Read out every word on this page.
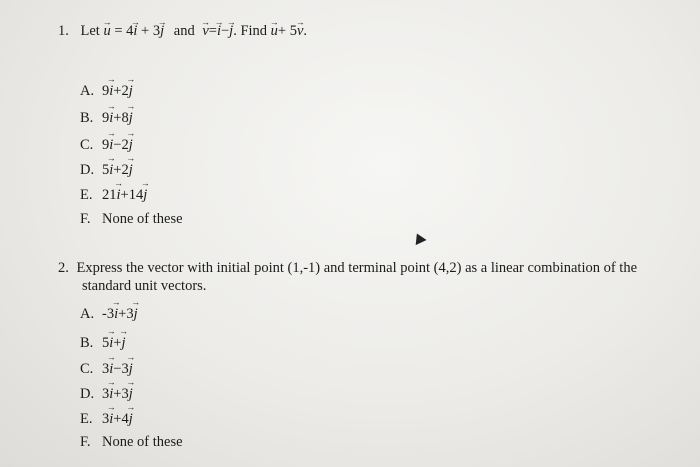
1. Let → u = 4→ i + 3→ j and → v=→ i−→ j. Find → u+ 5→ v.
A. 9→ i+2→ j
B. 9→ i+8→ j
C. 9→ i−2→ j
D. 5→ i+2→ j
E. 21→ i+14→ j
F. None of these
2. Express the vector with initial point (1,-1) and terminal point (4,2) as a linear combination of the
standard unit vectors.
A. -3→ i+3→ j
B. 5→ i+→ j
C. 3→ i−3→ j
D. 3→ i+3→ j
E. 3→ i+4→ j
F. None of these
